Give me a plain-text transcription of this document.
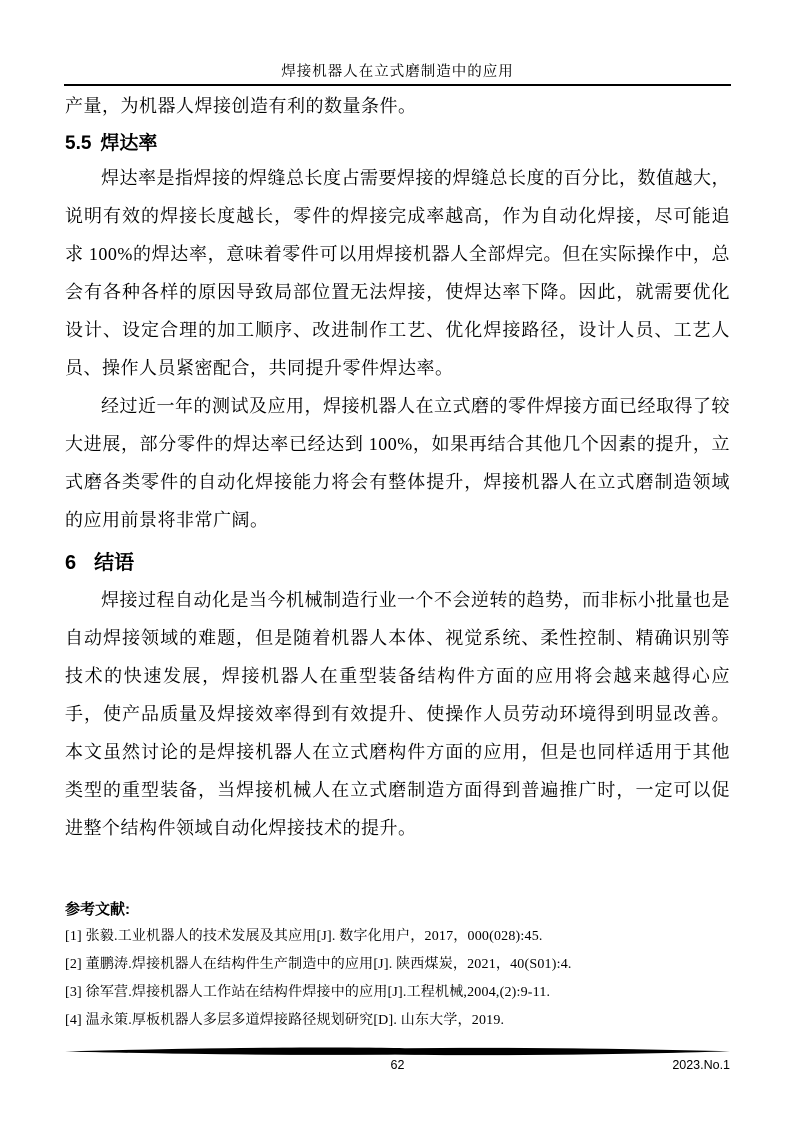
焊接机器人在立式磨制造中的应用

产量，为机器人焊接创造有利的数量条件。

5.5 焊达率

焊达率是指焊接的焊缝总长度占需要焊接的焊缝总长度的百分比，数值越大，说明有效的焊接长度越长，零件的焊接完成率越高，作为自动化焊接，尽可能追求 100%的焊达率，意味着零件可以用焊接机器人全部焊完。但在实际操作中，总会有各种各样的原因导致局部位置无法焊接，使焊达率下降。因此，就需要优化设计、设定合理的加工顺序、改进制作工艺、优化焊接路径，设计人员、工艺人员、操作人员紧密配合，共同提升零件焊达率。

经过近一年的测试及应用，焊接机器人在立式磨的零件焊接方面已经取得了较大进展，部分零件的焊达率已经达到 100%，如果再结合其他几个因素的提升，立式磨各类零件的自动化焊接能力将会有整体提升，焊接机器人在立式磨制造领域的应用前景将非常广阔。

6 结语

焊接过程自动化是当今机械制造行业一个不会逆转的趋势，而非标小批量也是自动焊接领域的难题，但是随着机器人本体、视觉系统、柔性控制、精确识别等技术的快速发展，焊接机器人在重型装备结构件方面的应用将会越来越得心应手，使产品质量及焊接效率得到有效提升、使操作人员劳动环境得到明显改善。本文虽然讨论的是焊接机器人在立式磨构件方面的应用，但是也同样适用于其他类型的重型装备，当焊接机械人在立式磨制造方面得到普遍推广时，一定可以促进整个结构件领域自动化焊接技术的提升。

参考文献:

[1] 张毅.工业机器人的技术发展及其应用[J]. 数字化用户，2017，000(028):45.

[2] 董鹏涛.焊接机器人在结构件生产制造中的应用[J]. 陕西煤炭，2021，40(S01):4.

[3] 徐军营.焊接机器人工作站在结构件焊接中的应用[J].工程机械,2004,(2):9-11.

[4] 温永策.厚板机器人多层多道焊接路径规划研究[D]. 山东大学，2019.

62	2023.No.1
